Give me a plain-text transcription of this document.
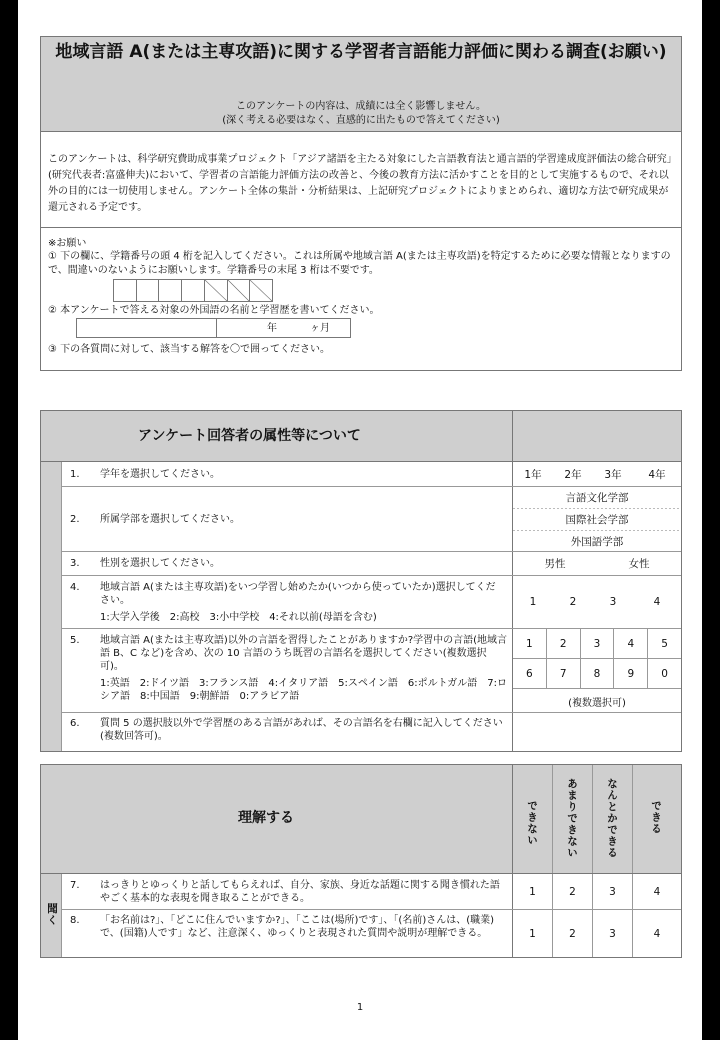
地域言語 A(または主専攻語)に関する学習者言語能力評価に関わる調査(お願い)
このアンケートの内容は、成績には全く影響しません。
(深く考える必要はなく、直感的に出たもので答えてください)
このアンケートは、科学研究費助成事業プロジェクト「アジア諸語を主たる対象にした言語教育法と通言語的学習達成度評価法の総合研究」(研究代表者:富盛伸夫)において、学習者の言語能力評価方法の改善と、今後の教育方法に活かすことを目的として実施するもので、それ以外の目的には一切使用しません。アンケート全体の集計・分析結果は、上記研究プロジェクトによりまとめられ、適切な方法で研究成果が還元される予定です。
※お願い
① 下の欄に、学籍番号の頭 4 桁を記入してください。これは所属や地域言語 A(または主専攻語)を特定するために必要な情報となりますので、間違いのないようにお願いします。学籍番号の末尾 3 桁は不要です。
② 本アンケートで答える対象の外国語の名前と学習歴を書いてください。
年	ヶ月
③ 下の各質問に対して、該当する解答を〇で囲ってください。
アンケート回答者の属性等について
1. 学年を選択してください。	1年	2年	3年	4年
2. 所属学部を選択してください。
言語文化学部
国際社会学部
外国語学部
3. 性別を選択してください。	男性	女性
4. 地域言語 A(または主専攻語)をいつ学習し始めたか(いつから使っていたか)選択してください。
1:大学入学後　2:高校　3:小中学校　4:それ以前(母語を含む)
1	2	3	4
5. 地域言語 A(または主専攻語)以外の言語を習得したことがありますか?学習中の言語(地域言語 B、C など)を含め、次の 10 言語のうち既習の言語名を選択してください(複数選択可)。
1:英語　2:ドイツ語　3:フランス語　4:イタリア語　5:スペイン語　6:ポルトガル語　7:ロシア語　8:中国語　9:朝鮮語　0:アラビア語
1	2	3	4	5
6	7	8	9	0
(複数選択可)
6. 質問 5 の選択肢以外で学習歴のある言語があれば、その言語名を右欄に記入してください(複数回答可)。
理解する	できない	あまりできない	なんとかできる	できる
聞く
7. はっきりとゆっくりと話してもらえれば、自分、家族、身近な話題に関する聞き慣れた語やごく基本的な表現を聞き取ることができる。
1	2	3	4
8. 「お名前は?」、「どこに住んでいますか?」、「ここは(場所)です」、「(名前)さんは、(職業)で、(国籍)人です」など、注意深く、ゆっくりと表現された質問や説明が理解できる。	1	2	3	4
1
